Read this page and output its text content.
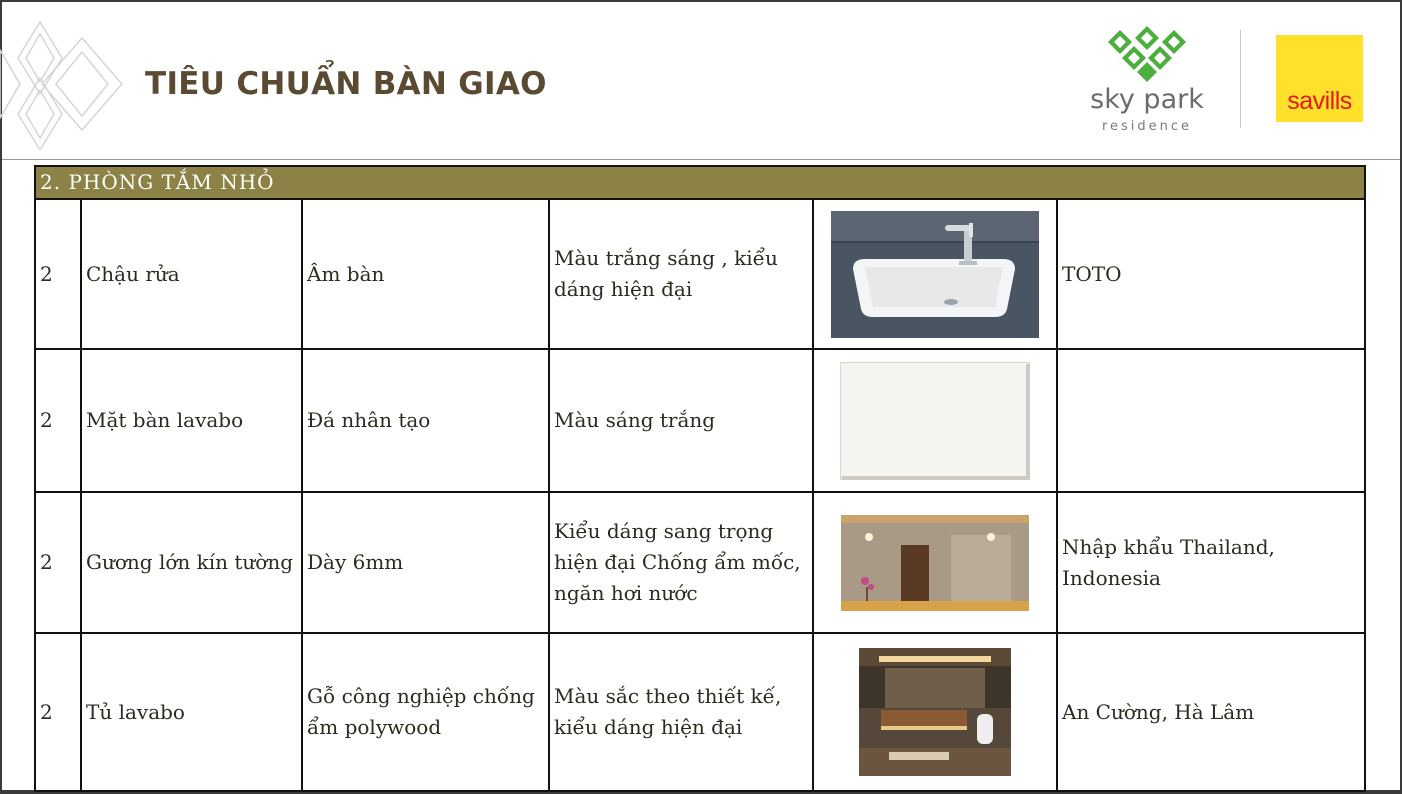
TIÊU CHUẨN BÀN GIAO	sky park
residence
savills
2. PHÒNG TẮM NHỎ					
2	Chậu rửa	Âm bàn	Màu trắng sáng , kiểu dáng hiện đại		TOTO
2	Mặt bàn lavabo	Đá nhân tạo	Màu sáng trắng		
2	Gương lớn kín tường	Dày 6mm	Kiểu dáng sang trọng hiện đại Chống ẩm mốc, ngăn hơi nước		Nhập khẩu Thailand, Indonesia
2	Tủ lavabo	Gỗ công nghiệp chống ẩm polywood	Màu sắc theo thiết kế, kiểu dáng hiện đại		An Cường, Hà Lâm
